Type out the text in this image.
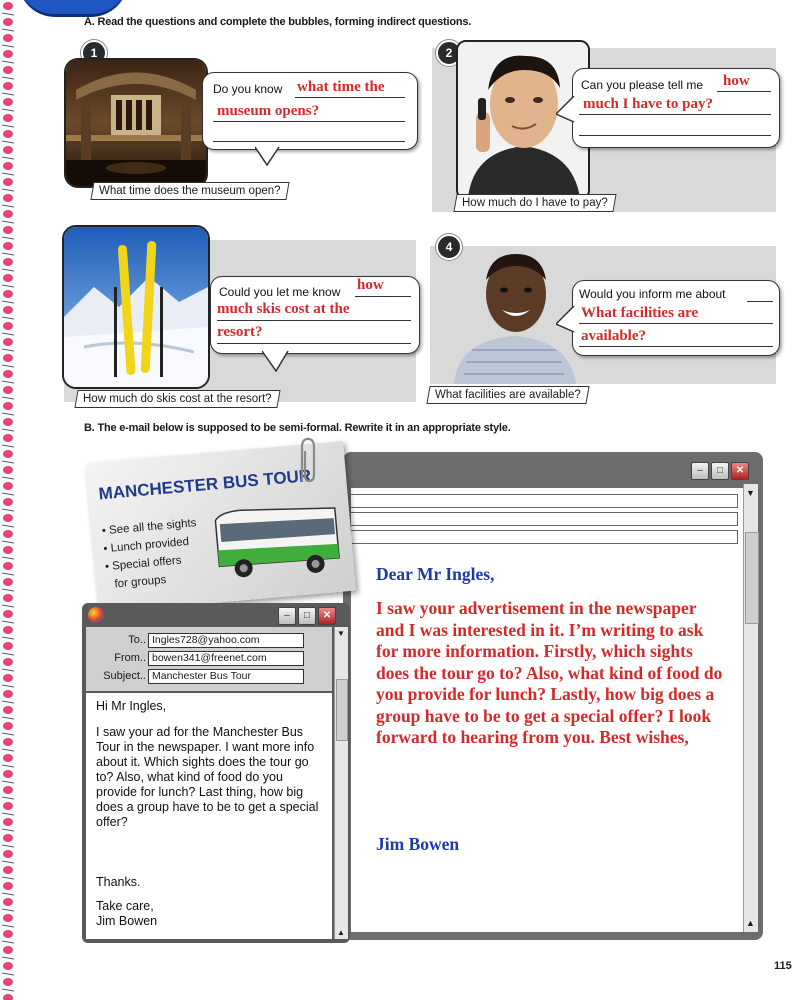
A. Read the questions and complete the bubbles, forming indirect questions.
1
Do you know what time the
museum opens?
What time does the museum open?
2
Can you please tell me how
much I have to pay?
How much do I have to pay?
Could you let me know how
much skis cost at the
resort?
How much do skis cost at the resort?
4
Would you inform me about
What facilities are
available?
What facilities are available?
B. The e-mail below is supposed to be semi-formal. Rewrite it in an appropriate style.
‒	□	✕
▼
▲
Dear Mr Ingles,
I saw your advertisement in the newspaper and I was interested in it. I’m writing to ask for more information. Firstly, which sights does the tour go to? Also, what kind of food do you provide for lunch? Lastly, how big does a group have to be to get a special offer? I look forward to hearing from you. Best wishes,
Jim Bowen
MANCHESTER BUS TOUR
• See all the sights
• Lunch provided
• Special offers
for groups
‒	□	✕
To.. Ingles728@yahoo.com
From.. bowen341@freenet.com
Subject.. Manchester Bus Tour
Hi Mr Ingles,
I saw your ad for the Manchester Bus Tour in the newspaper. I want more info about it. Which sights does the tour go to? Also, what kind of food do you provide for lunch? Last thing, how big does a group have to be to get a special offer?
Thanks.
Take care,
Jim Bowen
▼
▲
115
